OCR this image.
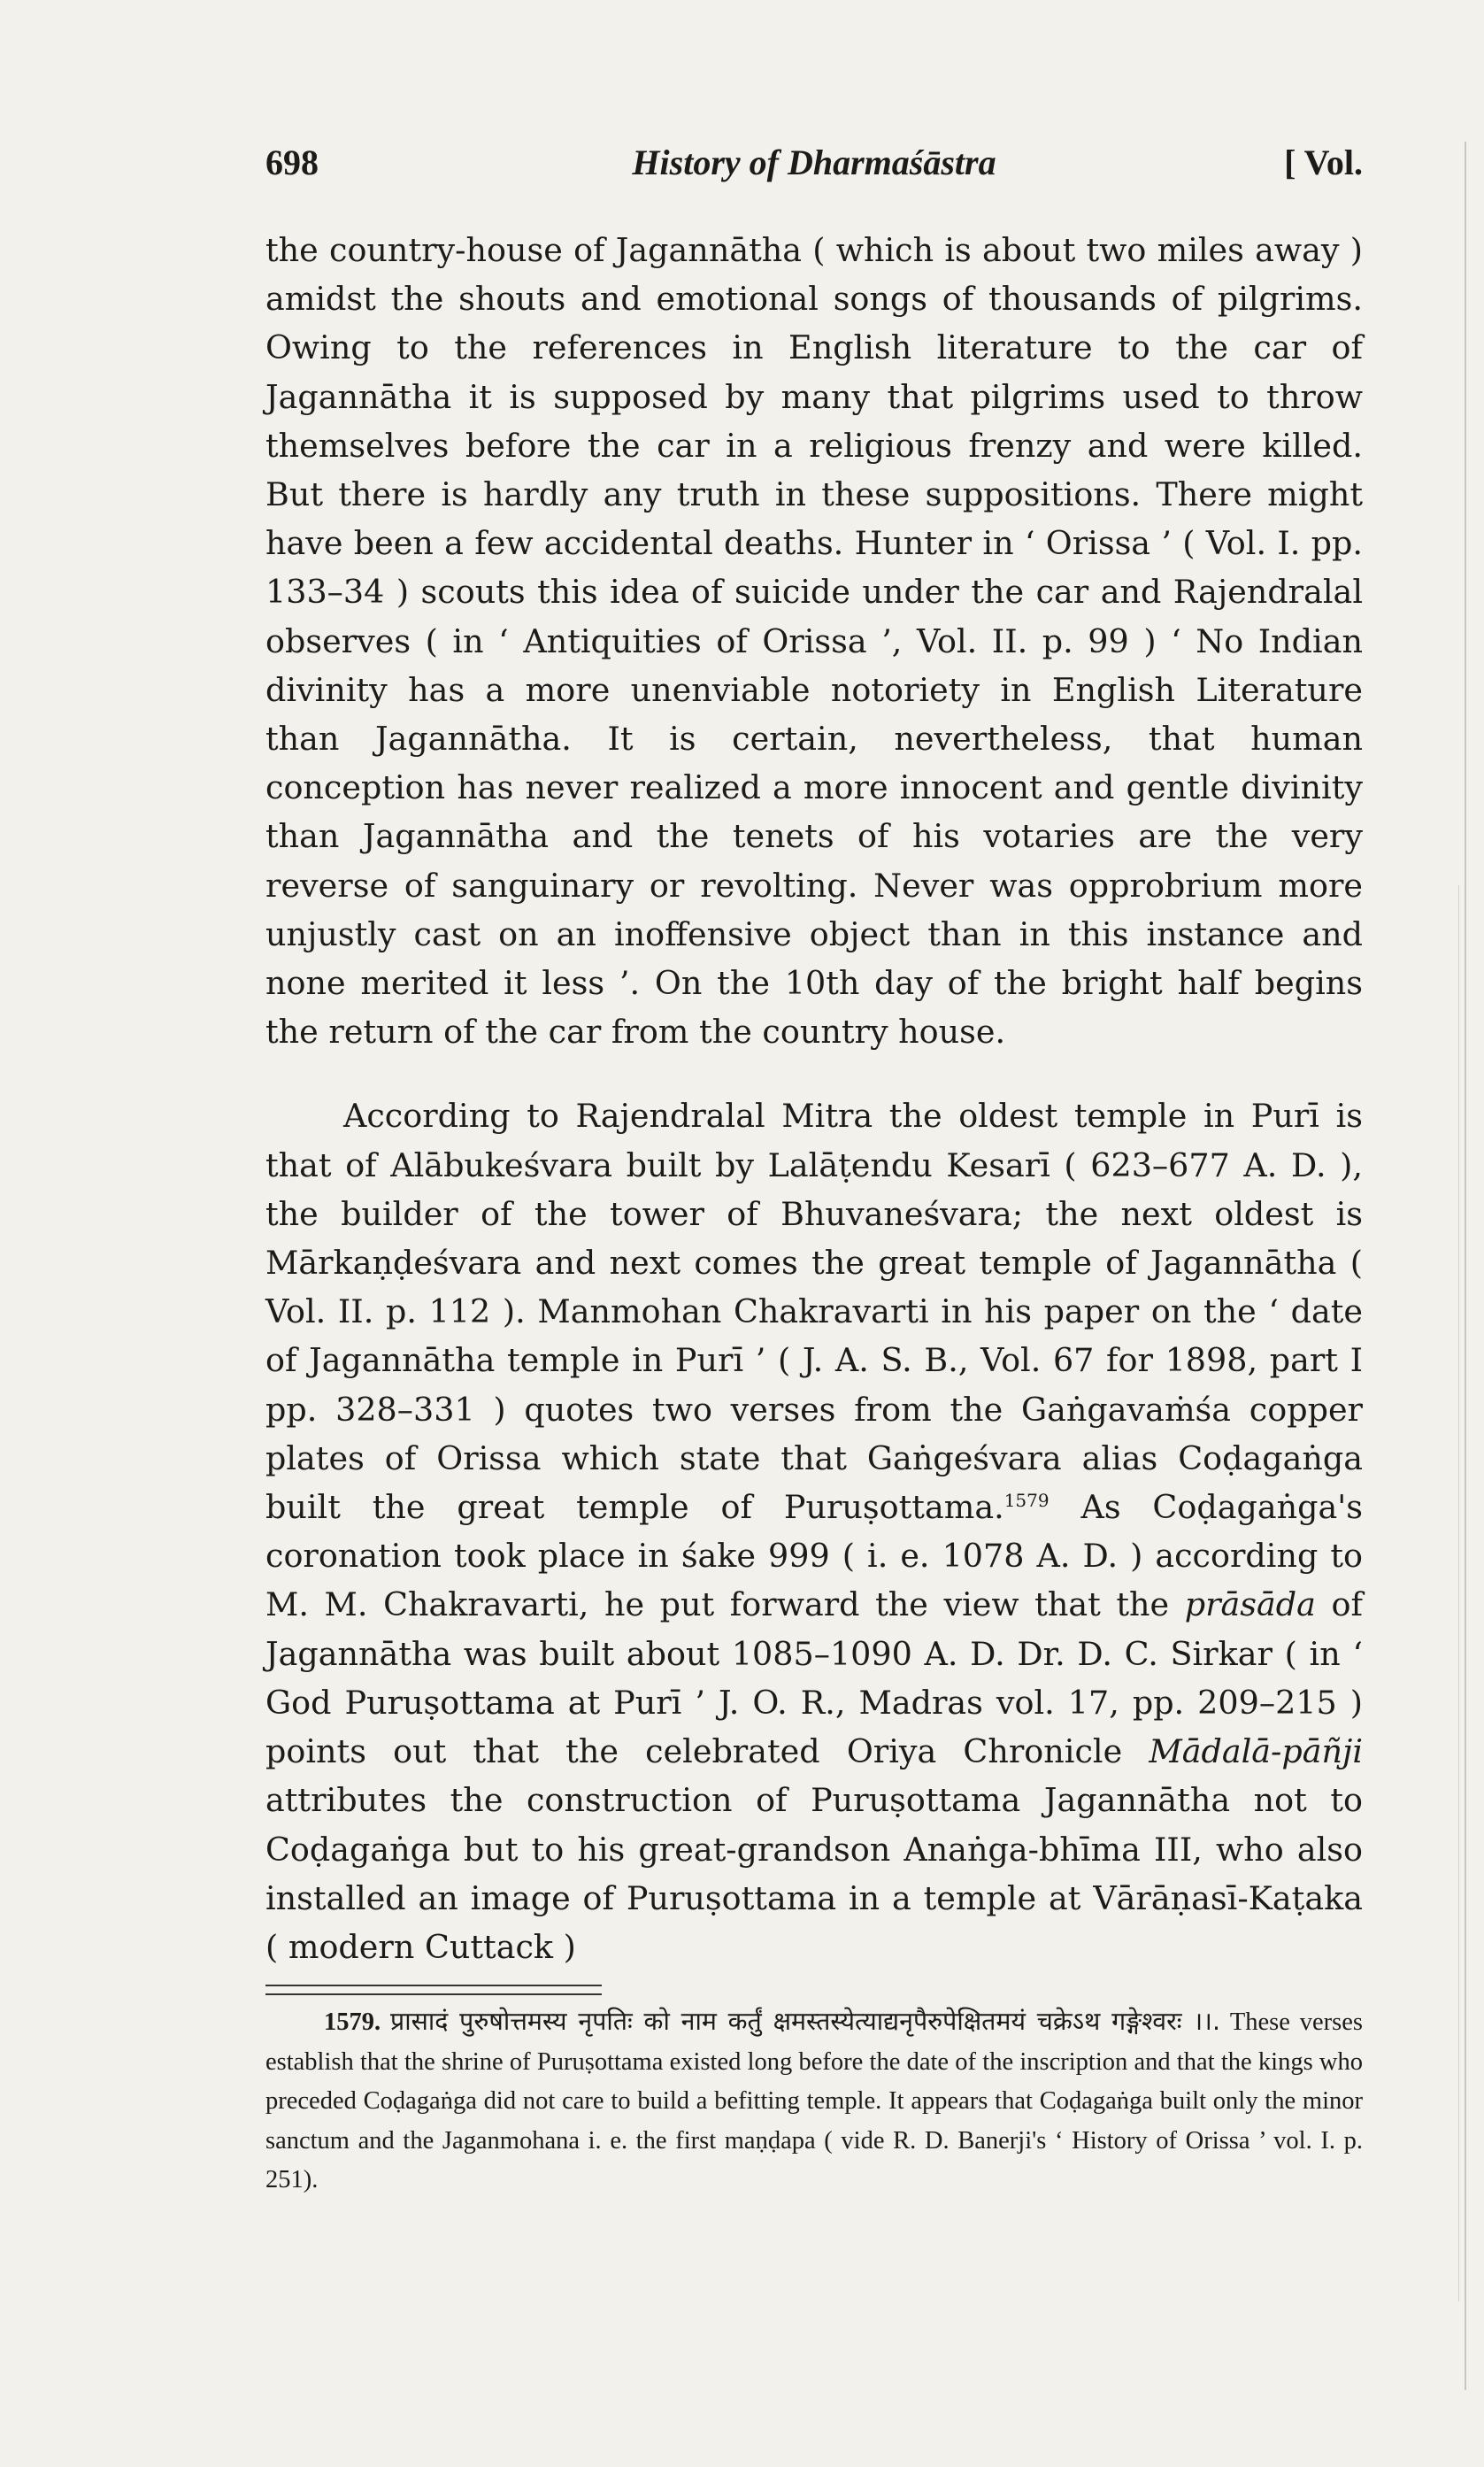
698	History of Dharmaśāstra	[ Vol.

the country-house of Jagannātha ( which is about two miles away ) amidst the shouts and emotional songs of thousands of pilgrims. Owing to the references in English literature to the car of Jagannātha it is supposed by many that pilgrims used to throw themselves before the car in a religious frenzy and were killed. But there is hardly any truth in these suppositions. There might have been a few accidental deaths. Hunter in ‘ Orissa ’ ( Vol. I. pp. 133–34 ) scouts this idea of suicide under the car and Rajendralal observes ( in ‘ Antiquities of Orissa ’, Vol. II. p. 99 ) ‘ No Indian divinity has a more unenviable notoriety in English Literature than Jagannātha. It is certain, nevertheless, that human conception has never realized a more innocent and gentle divinity than Jagannātha and the tenets of his votaries are the very reverse of sanguinary or revolting. Never was opprobrium more unjustly cast on an inoffensive object than in this instance and none merited it less ’. On the 10th day of the bright half begins the return of the car from the country house.

According to Rajendralal Mitra the oldest temple in Purī is that of Alābukeśvara built by Lalāṭendu Kesarī ( 623–677 A. D. ), the builder of the tower of Bhuvaneśvara; the next oldest is Mārkaṇḍeśvara and next comes the great temple of Jagannātha ( Vol. II. p. 112 ). Manmohan Chakravarti in his paper on the ‘ date of Jagannātha temple in Purī ’ ( J. A. S. B., Vol. 67 for 1898, part I pp. 328–331 ) quotes two verses from the Gaṅgavaṁśa copper plates of Orissa which state that Gaṅgeśvara alias Coḍagaṅga built the great temple of Puruṣottama.$^{1579}$ As Coḍagaṅga's coronation took place in śake 999 ( i. e. 1078 A. D. ) according to M. M. Chakravarti, he put forward the view that the prāsāda of Jagannātha was built about 1085–1090 A. D. Dr. D. C. Sirkar ( in ‘ God Puruṣottama at Purī ’ J. O. R., Madras vol. 17, pp. 209–215 ) points out that the celebrated Oriya Chronicle Mādalā-pāñji attributes the construction of Puruṣottama Jagannātha not to Coḍagaṅga but to his great-grandson Anaṅga-bhīma III, who also installed an image of Puruṣottama in a temple at Vārāṇasī-Kaṭaka ( modern Cuttack )

1579. प्रासादं पुरुषोत्तमस्य नृपतिः को नाम कर्तुं क्षमस्तस्येत्याद्यनृपैरुपेक्षितमयं चक्रेऽथ गङ्गेश्वरः ।।. These verses establish that the shrine of Puruṣottama existed long before the date of the inscription and that the kings who preceded Coḍagaṅga did not care to build a befitting temple. It appears that Coḍagaṅga built only the minor sanctum and the Jaganmohana i. e. the first maṇḍapa ( vide R. D. Banerji's ‘ History of Orissa ’ vol. I. p. 251).
